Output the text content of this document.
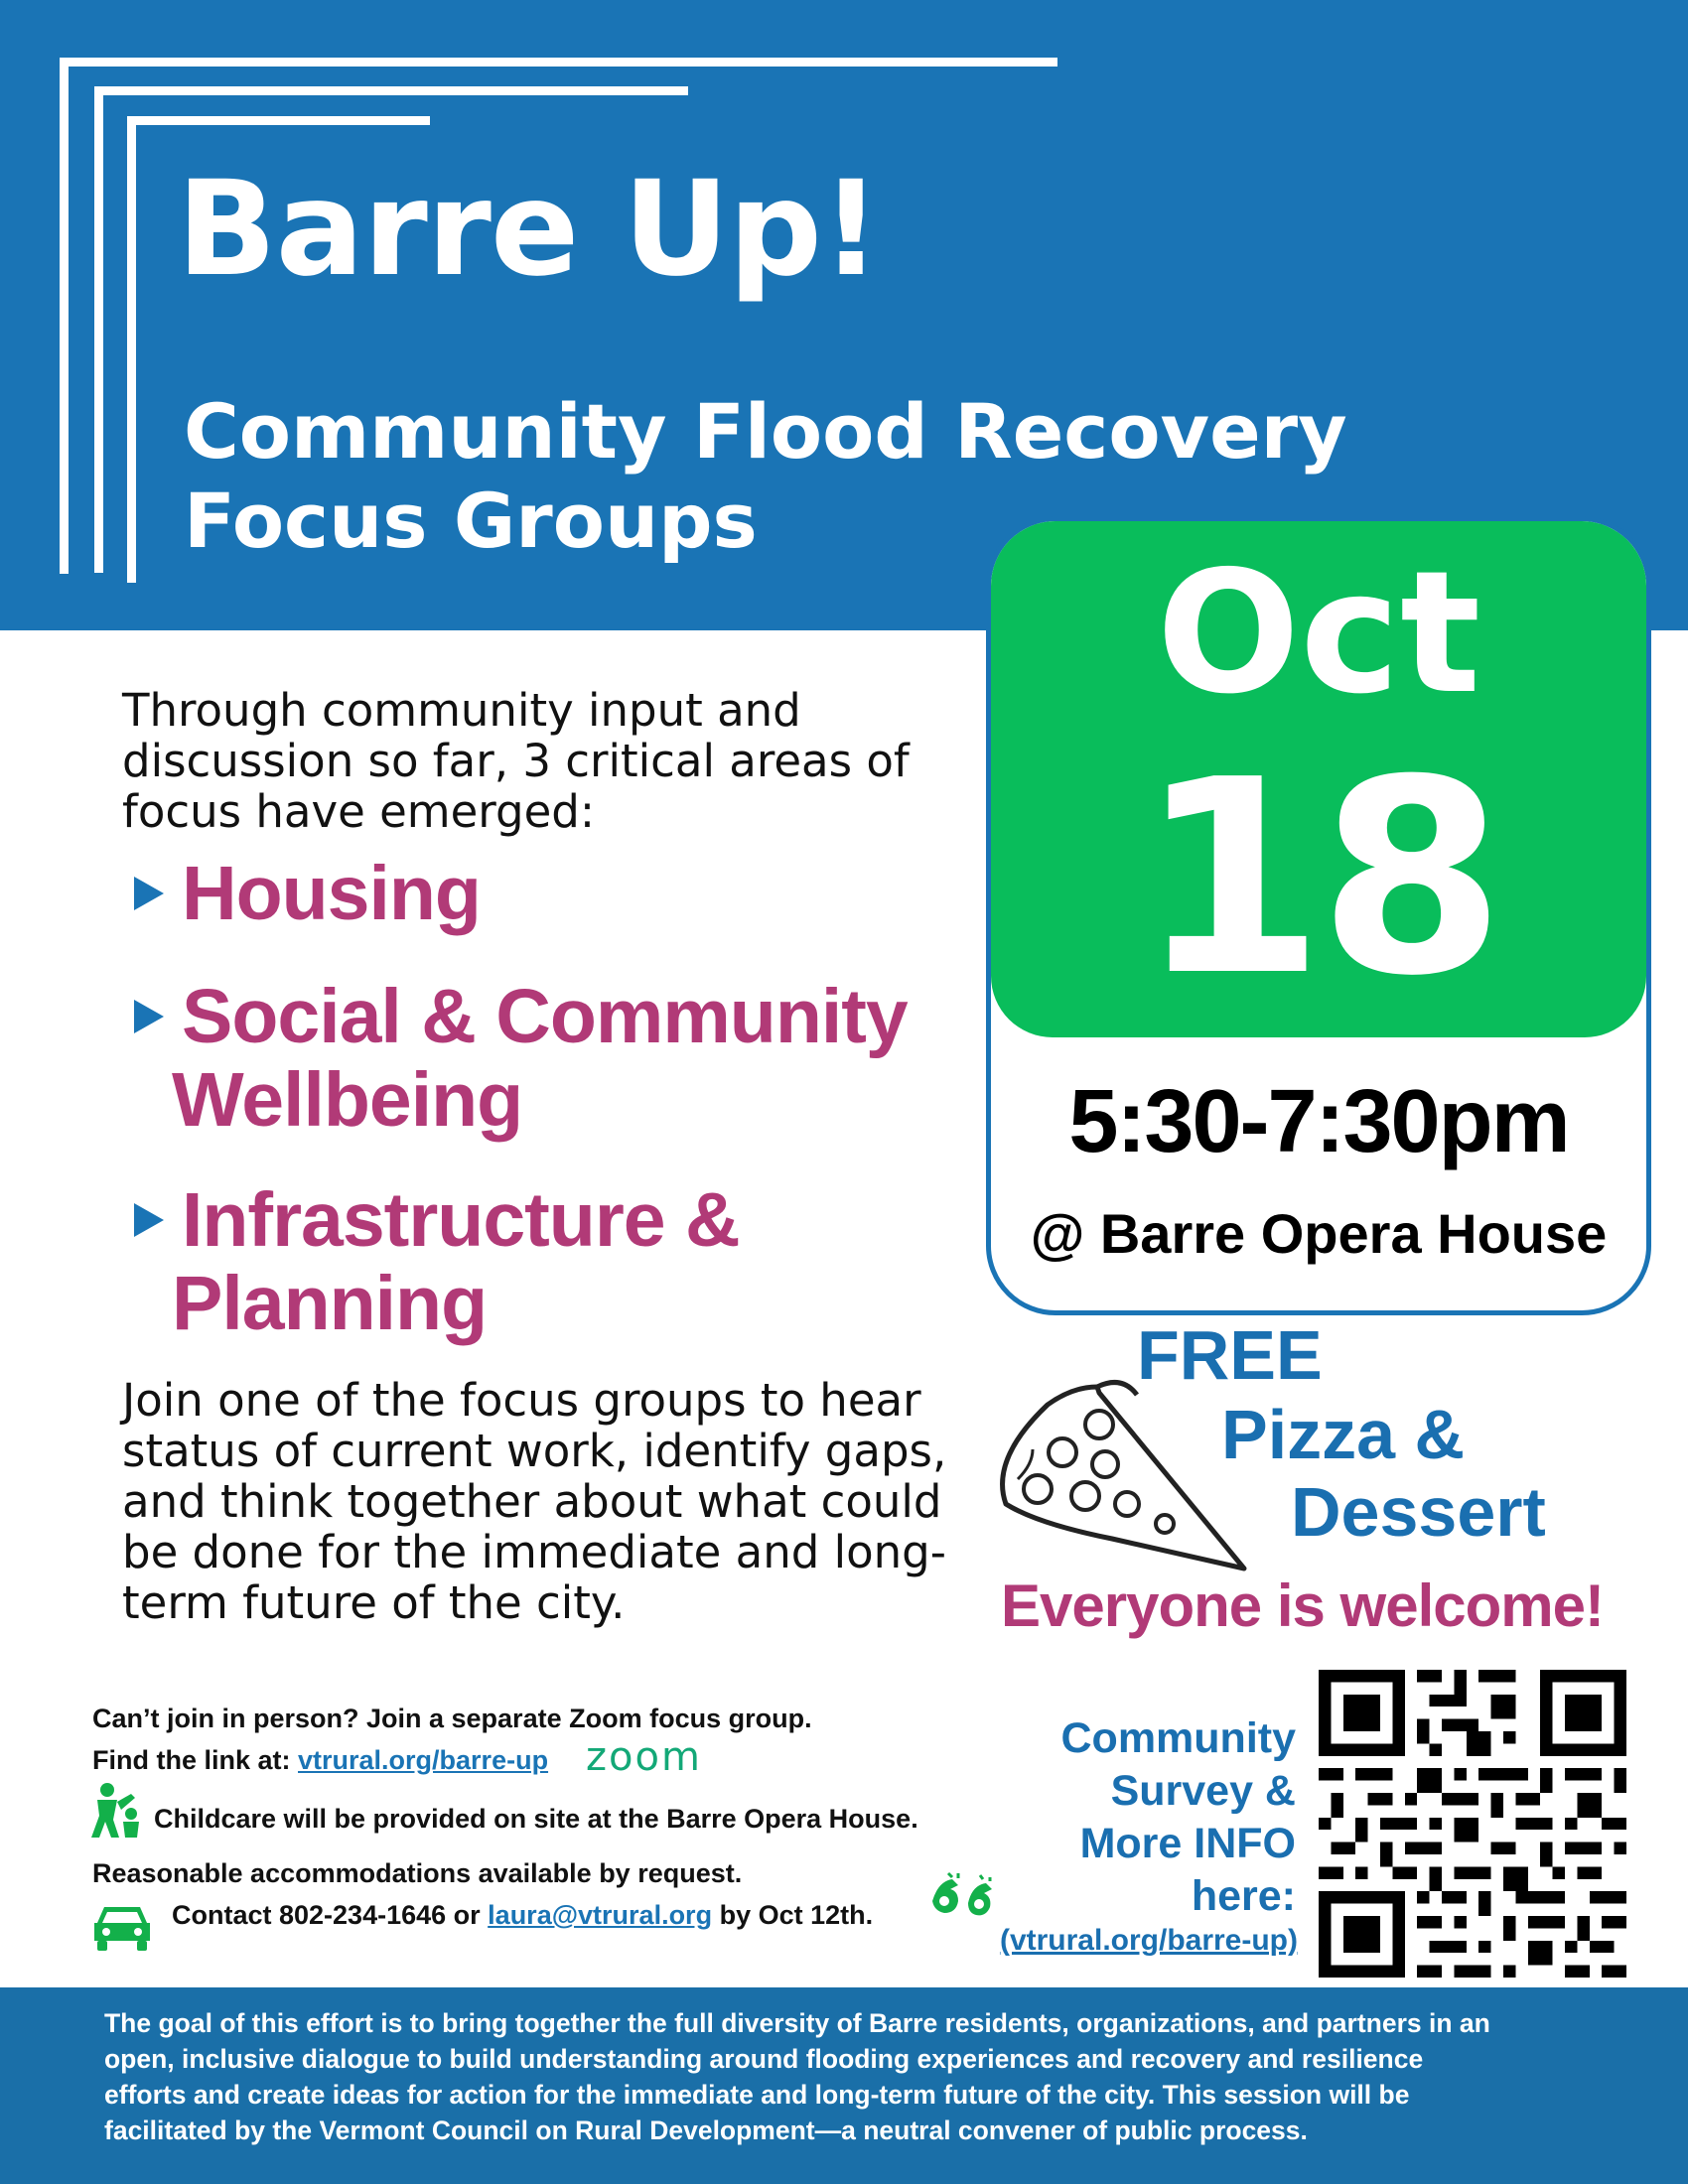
Barre Up!
Community Flood Recovery
Focus Groups
Oct
18
5:30-7:30pm
@ Barre Opera House
Through community input and
discussion so far, 3 critical areas of
focus have emerged:
Housing
Social & Community
Wellbeing
Infrastructure &
Planning
Join one of the focus groups to hear
status of current work, identify gaps,
and think together about what could
be done for the immediate and long-
term future of the city.
FREE
Pizza &
Dessert
Everyone is welcome!
Can’t join in person? Join a separate Zoom focus group.
Find the link at: vtrural.org/barre-up zoom
Childcare will be provided on site at the Barre Opera House.
Reasonable accommodations available by request.
Contact 802-234-1646 or laura@vtrural.org by Oct 12th.
Community
Survey &
More INFO
here:
(vtrural.org/barre-up)
The goal of this effort is to bring together the full diversity of Barre residents, organizations, and partners in an
open, inclusive dialogue to build understanding around flooding experiences and recovery and resilience
efforts and create ideas for action for the immediate and long-term future of the city. This session will be
facilitated by the Vermont Council on Rural Development—a neutral convener of public process.
